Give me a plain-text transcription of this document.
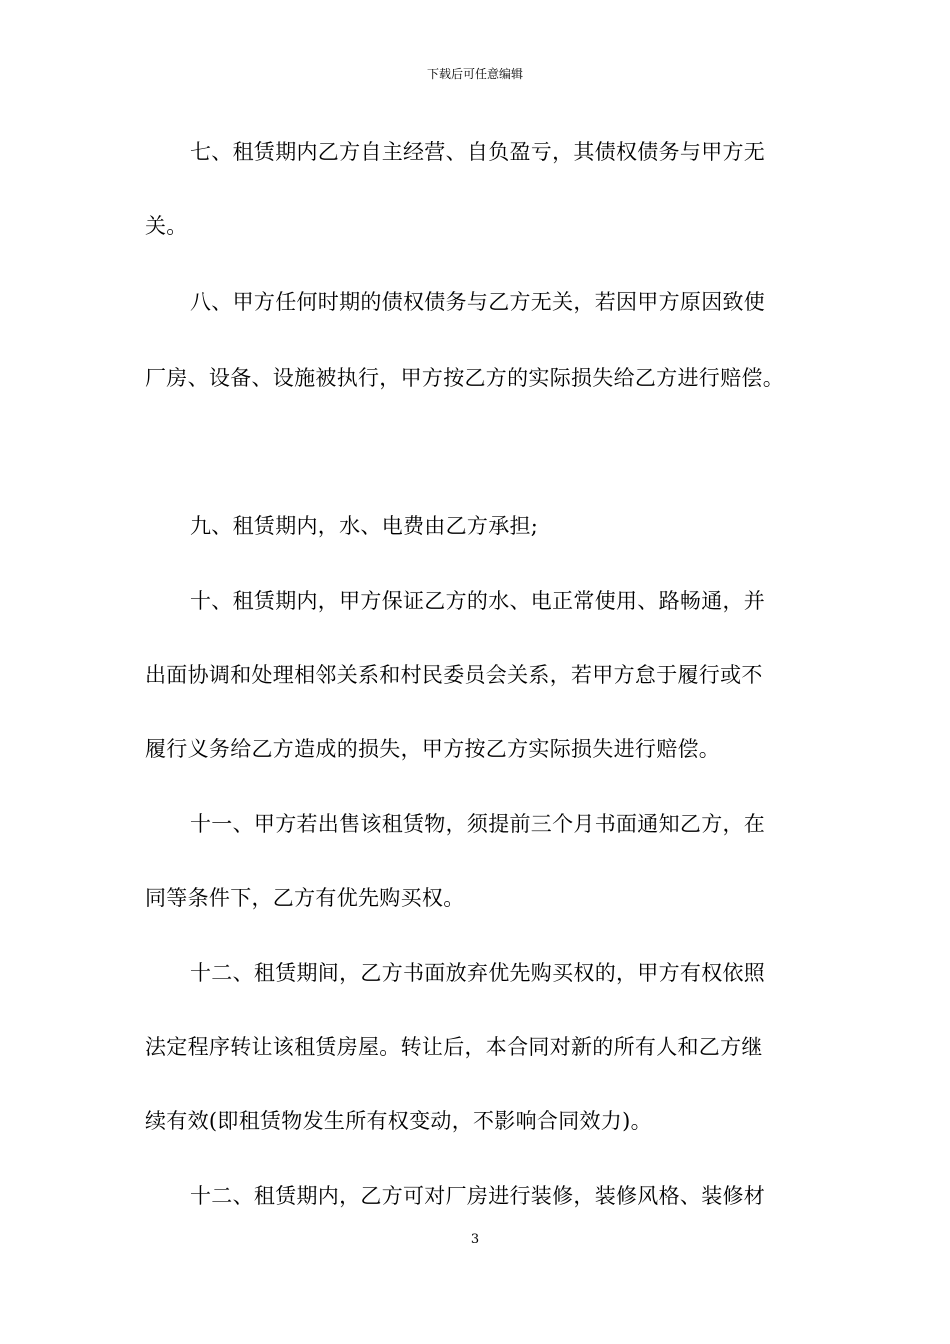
下载后可任意编辑
七、租赁期内乙方自主经营、自负盈亏，其债权债务与甲方无
关。
八、甲方任何时期的债权债务与乙方无关，若因甲方原因致使
厂房、设备、设施被执行，甲方按乙方的实际损失给乙方进行赔偿。
九、租赁期内，水、电费由乙方承担;
十、租赁期内，甲方保证乙方的水、电正常使用、路畅通，并
出面协调和处理相邻关系和村民委员会关系，若甲方怠于履行或不
履行义务给乙方造成的损失，甲方按乙方实际损失进行赔偿。
十一、甲方若出售该租赁物，须提前三个月书面通知乙方，在
同等条件下，乙方有优先购买权。
十二、租赁期间，乙方书面放弃优先购买权的，甲方有权依照
法定程序转让该租赁房屋。转让后，本合同对新的所有人和乙方继
续有效(即租赁物发生所有权变动，不影响合同效力)。
十二、租赁期内，乙方可对厂房进行装修，装修风格、装修材
3
